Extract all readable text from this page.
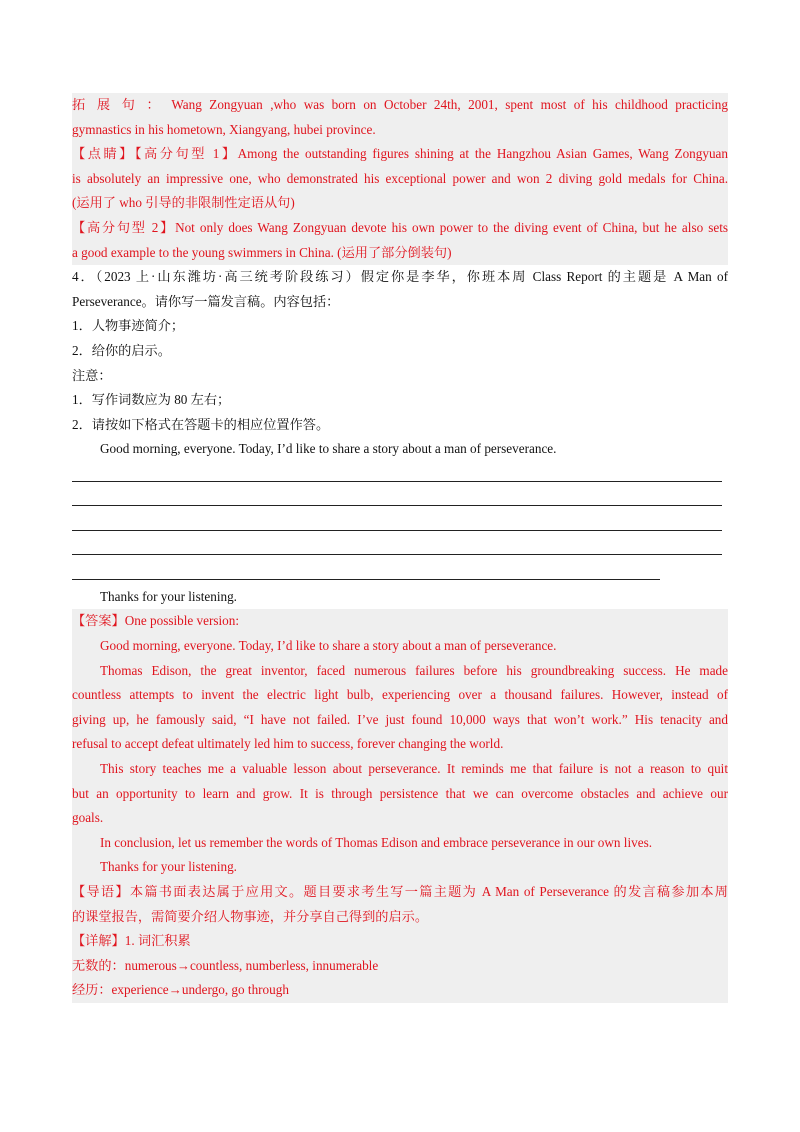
拓 展 句 ： Wang Zongyuan ,who was born on October 24th, 2001, spent most of his childhood practicing
gymnastics in his hometown, Xiangyang, hubei province.
【点睛】【高分句型 1】Among the outstanding figures shining at the Hangzhou Asian Games, Wang Zongyuan
is absolutely an impressive one, who demonstrated his exceptional power and won 2 diving gold medals for China.
(运用了 who 引导的非限制性定语从句)
【高分句型 2】Not only does Wang Zongyuan devote his own power to the diving event of China, but he also sets
a good example to the young swimmers in China. (运用了部分倒装句)
4．（2023 上·山东潍坊·高三统考阶段练习）假定你是李华，你班本周 Class Report 的主题是 A Man of
Perseverance。请你写一篇发言稿。内容包括：
1．人物事迹简介；
2．给你的启示。
注意：
1．写作词数应为 80 左右；
2．请按如下格式在答题卡的相应位置作答。
Good morning, everyone. Today, I’d like to share a story about a man of perseverance.
Thanks for your listening.
【答案】One possible version:
Good morning, everyone. Today, I’d like to share a story about a man of perseverance.
Thomas Edison, the great inventor, faced numerous failures before his groundbreaking success. He made
countless attempts to invent the electric light bulb, experiencing over a thousand failures. However, instead of
giving up, he famously said, “I have not failed. I’ve just found 10,000 ways that won’t work.” His tenacity and
refusal to accept defeat ultimately led him to success, forever changing the world.
This story teaches me a valuable lesson about perseverance. It reminds me that failure is not a reason to quit
but an opportunity to learn and grow. It is through persistence that we can overcome obstacles and achieve our
goals.
In conclusion, let us remember the words of Thomas Edison and embrace perseverance in our own lives.
Thanks for your listening.
【导语】本篇书面表达属于应用文。题目要求考生写一篇主题为 A Man of Perseverance 的发言稿参加本周
的课堂报告，需简要介绍人物事迹，并分享自己得到的启示。
【详解】1. 词汇积累
无数的：numerous→countless, numberless, innumerable
经历：experience→undergo, go through
